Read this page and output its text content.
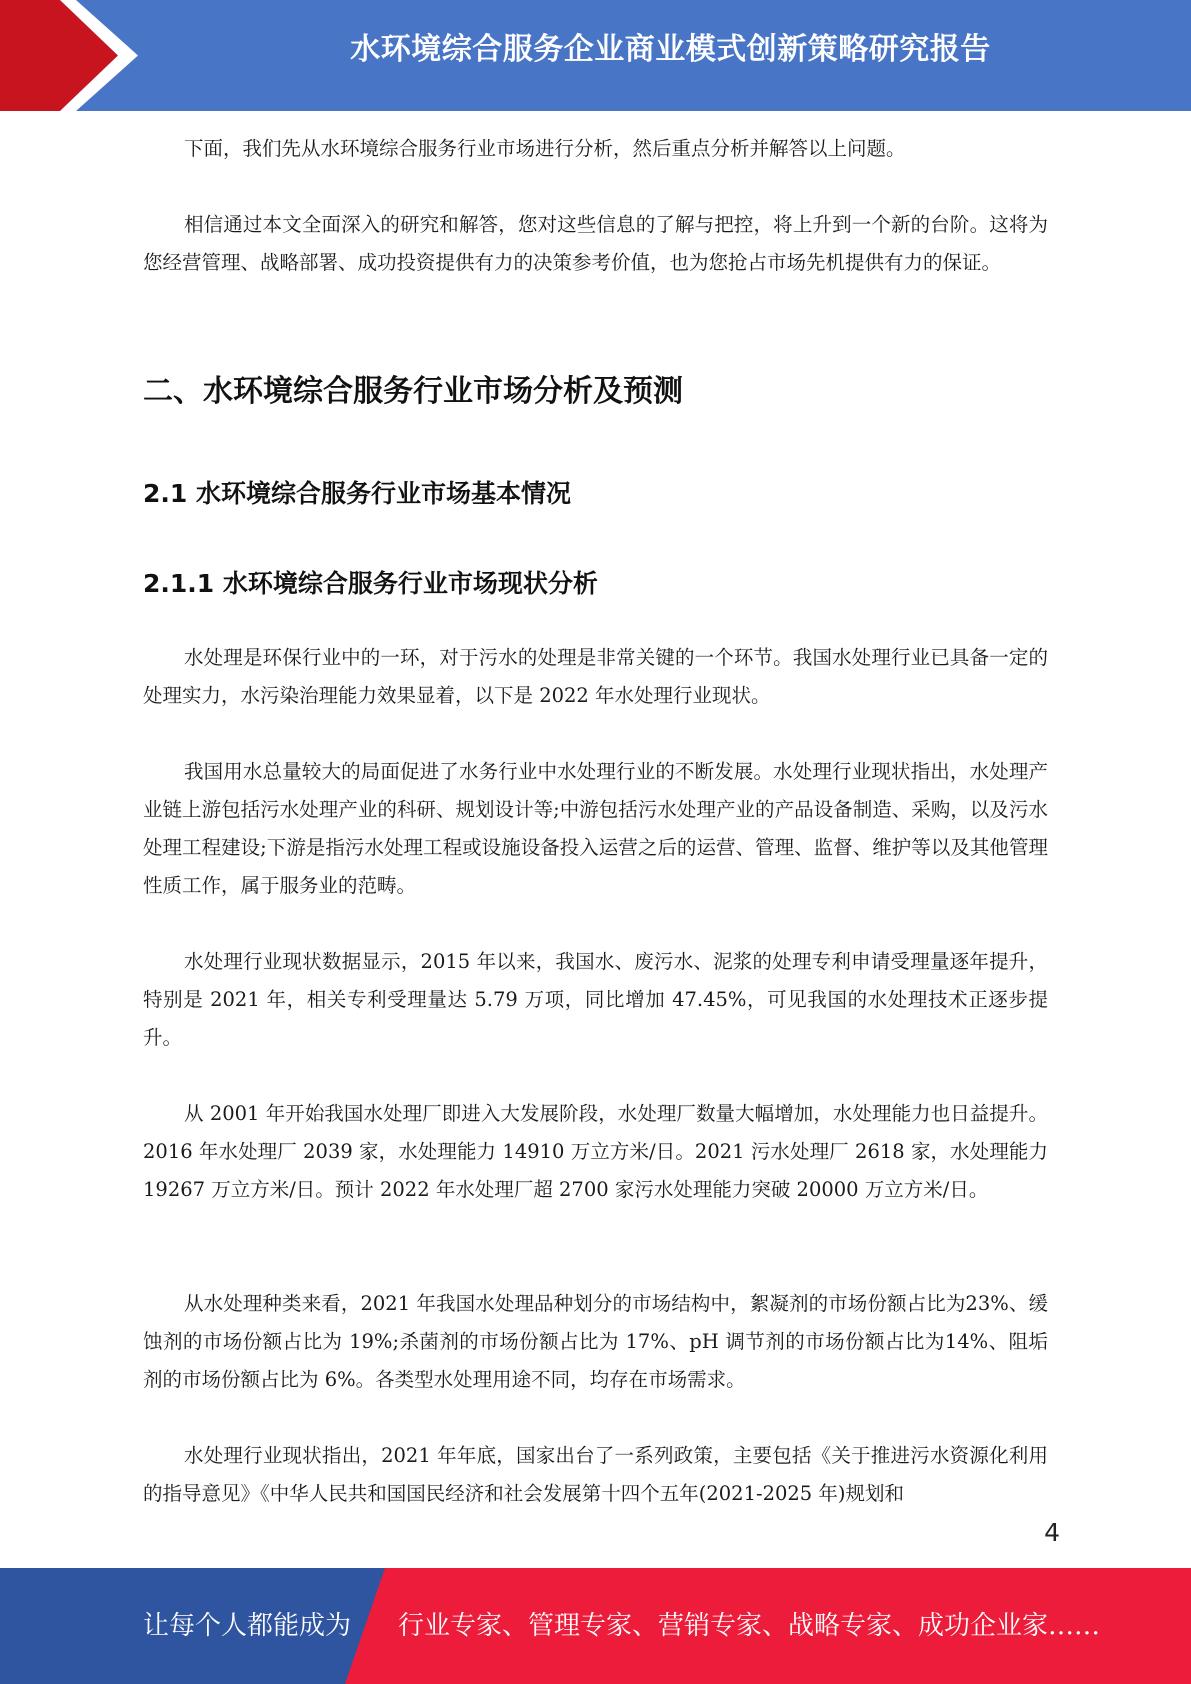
水环境综合服务企业商业模式创新策略研究报告

下面，我们先从水环境综合服务行业市场进行分析，然后重点分析并解答以上问题。

相信通过本文全面深入的研究和解答，您对这些信息的了解与把控，将上升到一个新的台阶。这将为您经营管理、战略部署、成功投资提供有力的决策参考价值，也为您抢占市场先机提供有力的保证。

二、水环境综合服务行业市场分析及预测
2.1 水环境综合服务行业市场基本情况
2.1.1 水环境综合服务行业市场现状分析

水处理是环保行业中的一环，对于污水的处理是非常关键的一个环节。我国水处理行业已具备一定的处理实力，水污染治理能力效果显着，以下是 2022 年水处理行业现状。

我国用水总量较大的局面促进了水务行业中水处理行业的不断发展。水处理行业现状指出，水处理产业链上游包括污水处理产业的科研、规划设计等;中游包括污水处理产业的产品设备制造、采购，以及污水处理工程建设;下游是指污水处理工程或设施设备投入运营之后的运营、管理、监督、维护等以及其他管理性质工作，属于服务业的范畴。

水处理行业现状数据显示，2015 年以来，我国水、废污水、泥浆的处理专利申请受理量逐年提升，特别是 2021 年，相关专利受理量达 5.79 万项，同比增加 47.45%，可见我国的水处理技术正逐步提升。

从 2001 年开始我国水处理厂即进入大发展阶段，水处理厂数量大幅增加，水处理能力也日益提升。2016 年水处理厂 2039 家，水处理能力 14910 万立方米/日。2021 污水处理厂 2618 家，水处理能力 19267 万立方米/日。预计 2022 年水处理厂超 2700 家污水处理能力突破 20000 万立方米/日。

从水处理种类来看，2021 年我国水处理品种划分的市场结构中，絮凝剂的市场份额占比为23%、缓蚀剂的市场份额占比为 19%;杀菌剂的市场份额占比为 17%、pH 调节剂的市场份额占比为14%、阻垢剂的市场份额占比为 6%。各类型水处理用途不同，均存在市场需求。

水处理行业现状指出，2021 年年底，国家出台了一系列政策，主要包括《关于推进污水资源化利用的指导意见》《中华人民共和国国民经济和社会发展第十四个五年(2021-2025 年)规划和

4
让每个人都能成为 行业专家、管理专家、营销专家、战略专家、成功企业家……
